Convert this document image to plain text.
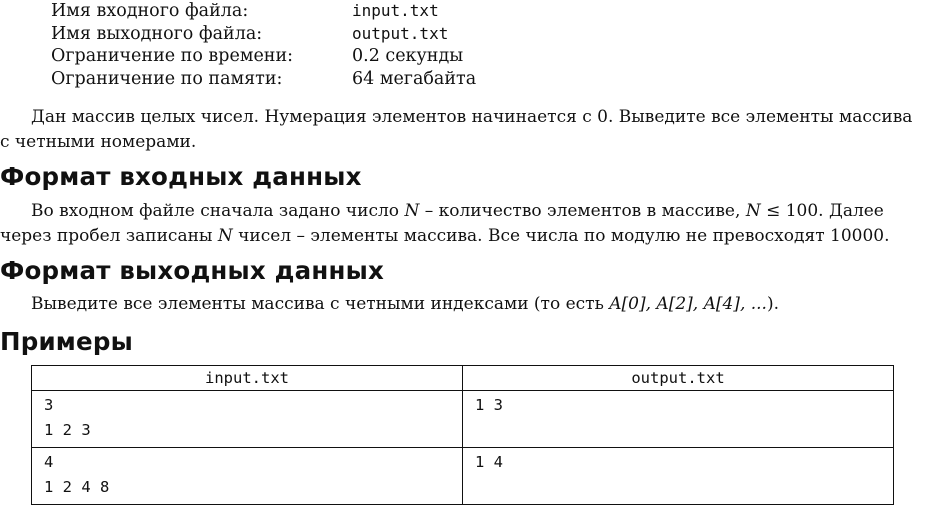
Имя входного файла:	input.txt
Имя выходного файла:	output.txt
Ограничение по времени:	0.2 секунды
Ограничение по памяти:	64 мегабайта
Дан массив целых чисел. Нумерация элементов начинается с 0. Выведите все элементы массива
с четными номерами.
Формат входных данных
Во входном файле сначала задано число N – количество элементов в массиве, N ≤ 100. Далее
через пробел записаны N чисел – элементы массива. Все числа по модулю не превосходят 10000.
Формат выходных данных
Выведите все элементы массива с четными индексами (то есть A[0], A[2], A[4], ...).
Примеры
input.txt	output.txt

3
1 2 3	1 3

4
1 2 4 8	1 4
